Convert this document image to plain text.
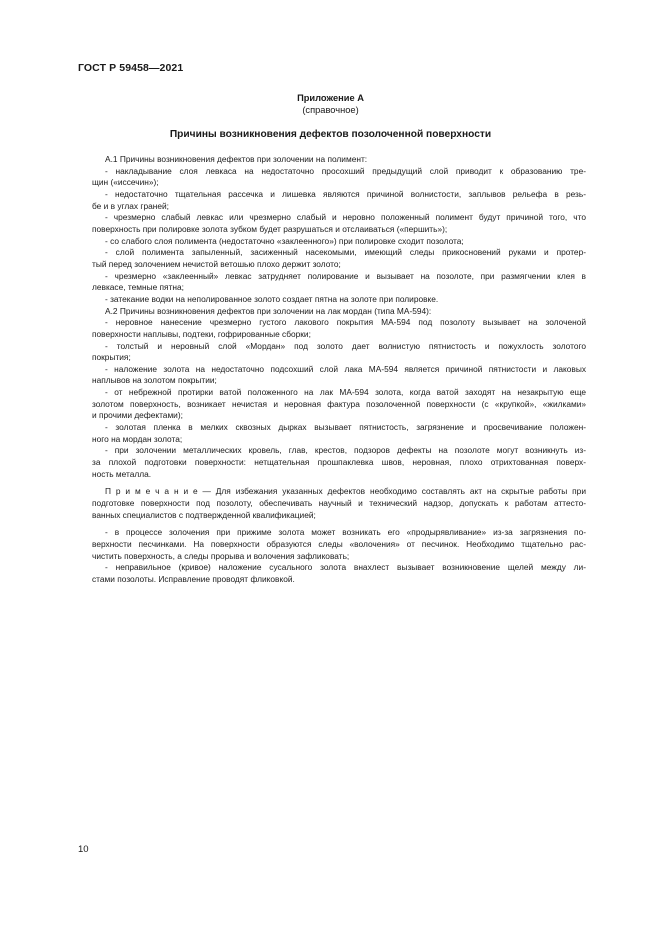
ГОСТ Р 59458—2021
Приложение А
(справочное)
Причины возникновения дефектов позолоченной поверхности

А.1 Причины возникновения дефектов при золочении на полимент:

- накладывание слоя левкаса на недостаточно просохший предыдущий слой приводит к образованию тре-

щин («иссечин»);

- недостаточно тщательная рассечка и лишевка являются причиной волнистости, заплывов рельефа в резь-

бе и в углах граней;

- чрезмерно слабый левкас или чрезмерно слабый и неровно положенный полимент будут причиной того, что

поверхность при полировке золота зубком будет разрушаться и отслаиваться («першить»);

- со слабого слоя полимента (недостаточно «заклеенного») при полировке сходит позолота;

- слой полимента запыленный, засиженный насекомыми, имеющий следы прикосновений руками и протер-

тый перед золочением нечистой ветошью плохо держит золото;

- чрезмерно «заклеенный» левкас затрудняет полирование и вызывает на позолоте, при размягчении клея в

левкасе, темные пятна;

- затекание водки на неполированное золото создает пятна на золоте при полировке.

А.2 Причины возникновения дефектов при золочении на лак мордан (типа МА-594):

- неровное нанесение чрезмерно густого лакового покрытия МА-594 под позолоту вызывает на золоченой

поверхности наплывы, подтеки, гофрированные сборки;

- толстый и неровный слой «Мордан» под золото дает волнистую пятнистость и пожухлость золотого

покрытия;

- наложение золота на недостаточно подсохший слой лака МА-594 является причиной пятнистости и лаковых

наплывов на золотом покрытии;

- от небрежной протирки ватой положенного на лак МА-594 золота, когда ватой заходят на незакрытую еще

золотом поверхность, возникает нечистая и неровная фактура позолоченной поверхности (с «крупкой», «жилками»

и прочими дефектами);

- золотая пленка в мелких сквозных дырках вызывает пятнистость, загрязнение и просвечивание положен-

ного на мордан золота;

- при золочении металлических кровель, глав, крестов, подзоров дефекты на позолоте могут возникнуть из-

за плохой подготовки поверхности: нетщательная прошпаклевка швов, неровная, плохо отрихтованная поверх-

ность металла.

П р и м е ч а н и е — Для избежания указанных дефектов необходимо составлять акт на скрытые работы при

подготовке поверхности под позолоту, обеспечивать научный и технический надзор, допускать к работам аттесто-

ванных специалистов с подтвержденной квалификацией;

- в процессе золочения при прижиме золота может возникать его «продырявливание» из-за загрязнения по-

верхности песчинками. На поверхности образуются следы «волочения» от песчинок. Необходимо тщательно рас-

чистить поверхность, а следы прорыва и волочения зафликовать;

- неправильное (кривое) наложение сусального золота внахлест вызывает возникновение щелей между ли-

стами позолоты. Исправление проводят фликовкой.

10
